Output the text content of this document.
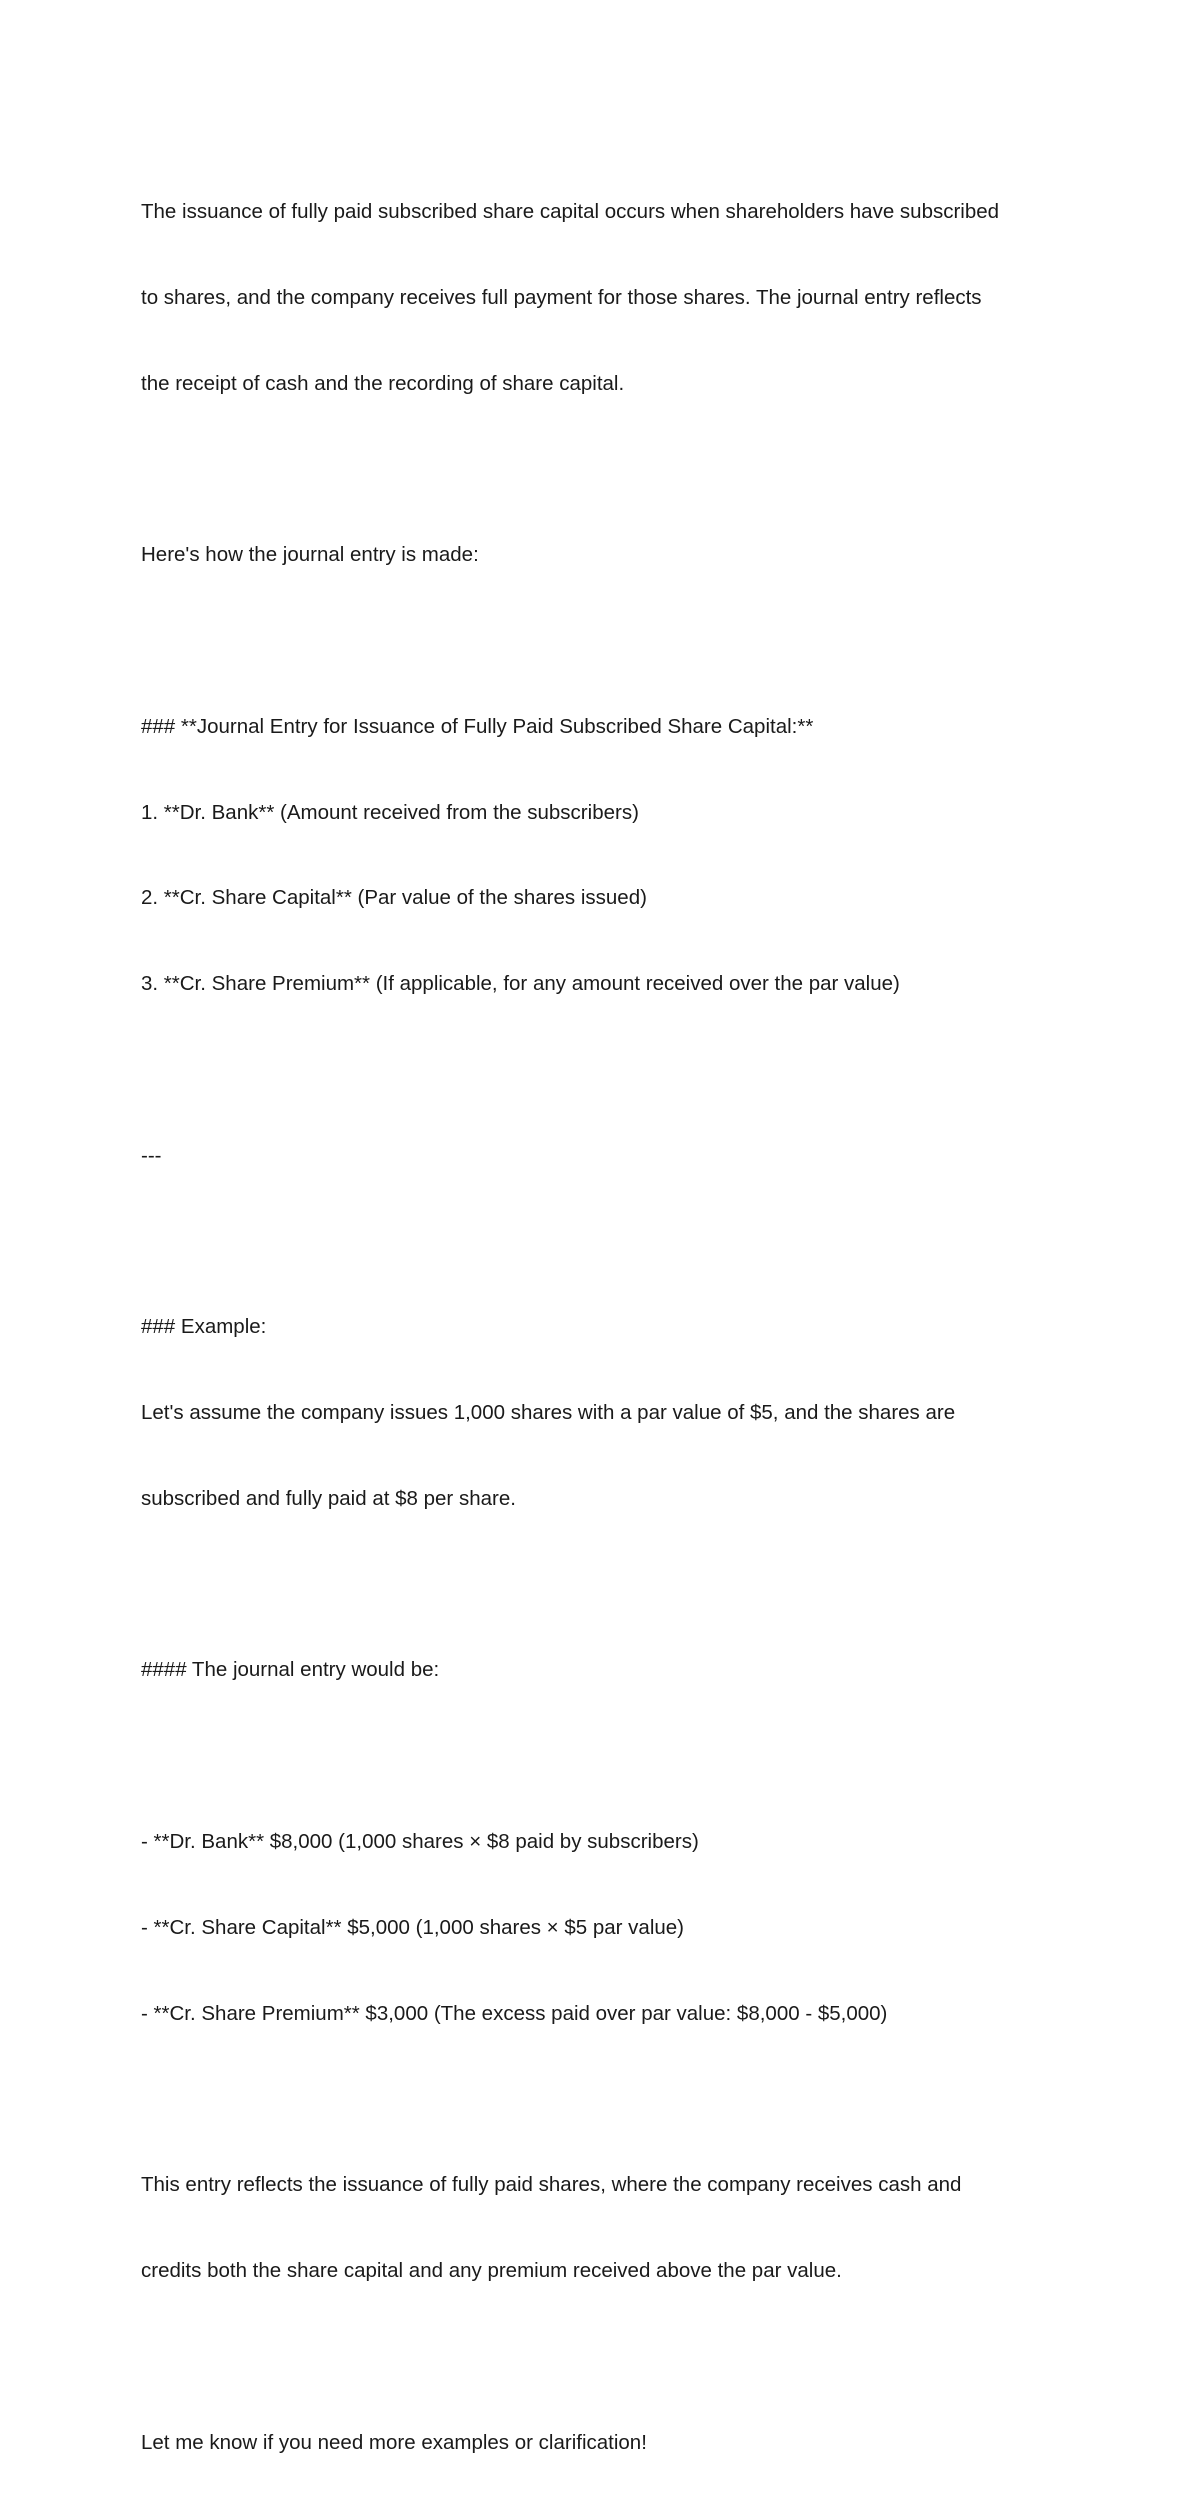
The issuance of fully paid subscribed share capital occurs when shareholders have subscribed

to shares, and the company receives full payment for those shares. The journal entry reflects

the receipt of cash and the recording of share capital.

Here's how the journal entry is made:

### **Journal Entry for Issuance of Fully Paid Subscribed Share Capital:**

1. **Dr. Bank** (Amount received from the subscribers)

2. **Cr. Share Capital** (Par value of the shares issued)

3. **Cr. Share Premium** (If applicable, for any amount received over the par value)

---

### Example:

Let's assume the company issues 1,000 shares with a par value of $5, and the shares are

subscribed and fully paid at $8 per share.

#### The journal entry would be:

- **Dr. Bank** $8,000 (1,000 shares × $8 paid by subscribers)

- **Cr. Share Capital** $5,000 (1,000 shares × $5 par value)

- **Cr. Share Premium** $3,000 (The excess paid over par value: $8,000 - $5,000)

This entry reflects the issuance of fully paid shares, where the company receives cash and

credits both the share capital and any premium received above the par value.

Let me know if you need more examples or clarification!
